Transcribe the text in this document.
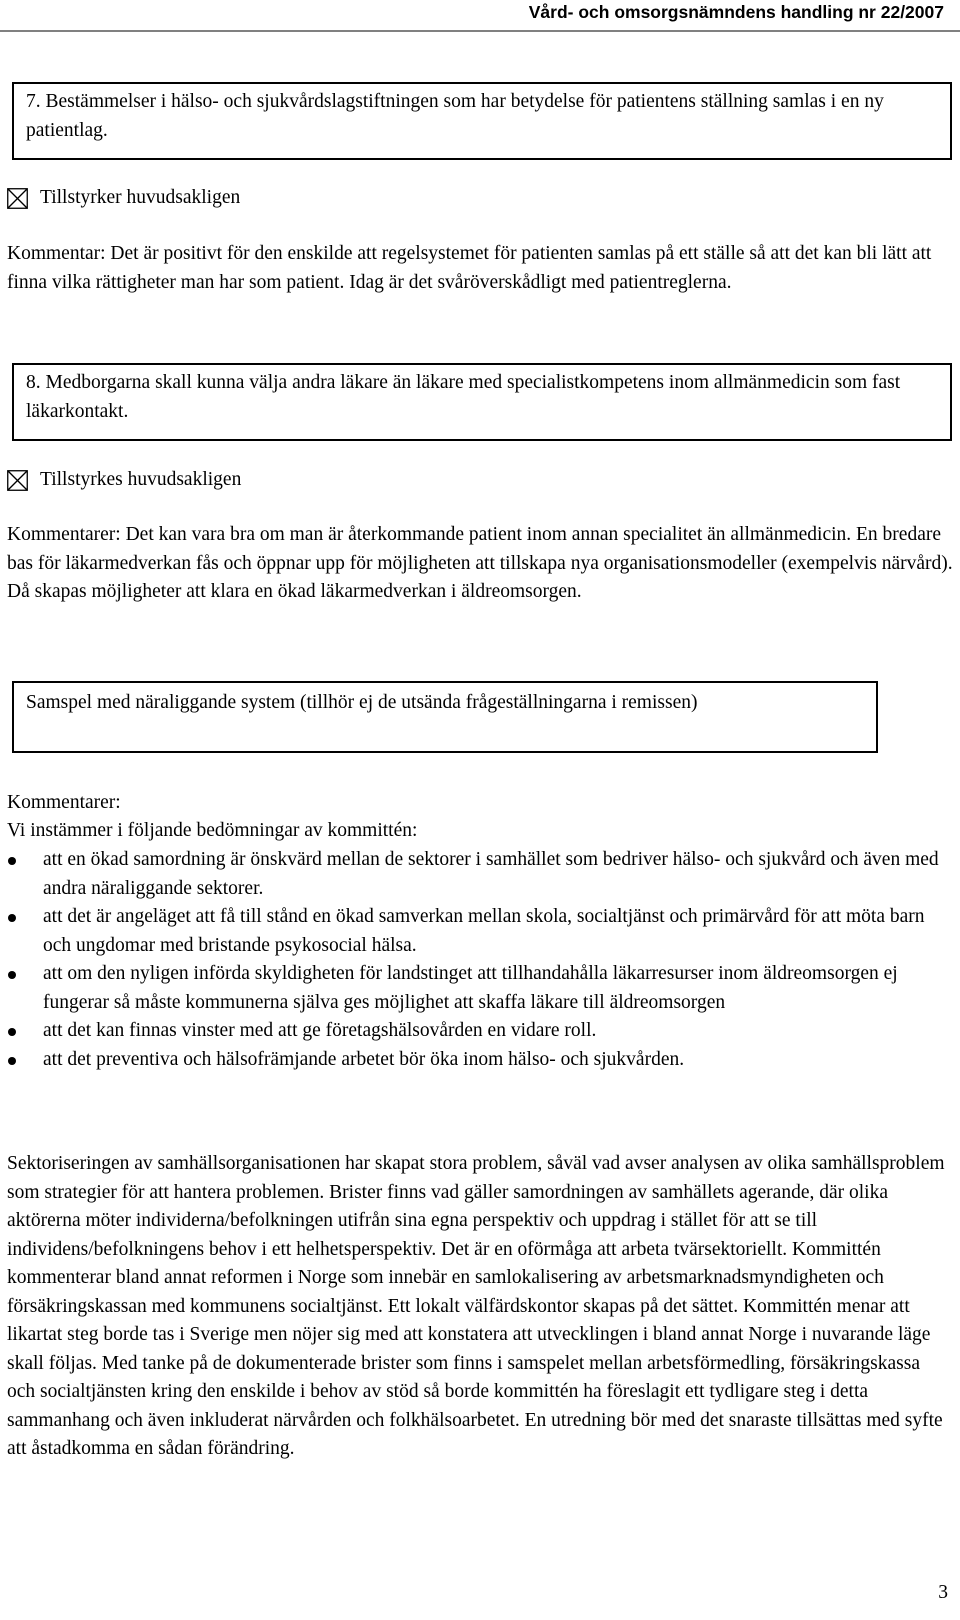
Vård- och omsorgsnämndens handling nr 22/2007
7. Bestämmelser i hälso- och sjukvårdslagstiftningen som har betydelse för patientens ställning samlas i en ny patientlag.
Tillstyrker huvudsakligen
Kommentar: Det är positivt för den enskilde att regelsystemet för patienten samlas på ett ställe så att det kan bli lätt att finna vilka rättigheter man har som patient. Idag är det svåröverskådligt med patientreglerna.
8. Medborgarna skall kunna välja andra läkare än läkare med specialistkompetens inom allmänmedicin som fast läkarkontakt.
Tillstyrkes huvudsakligen
Kommentarer: Det kan vara bra om man är återkommande patient inom annan specialitet än allmänmedicin. En bredare bas för läkarmedverkan fås och öppnar upp för möjligheten att tillskapa nya organisationsmodeller (exempelvis närvård). Då skapas möjligheter att klara en ökad läkarmedverkan i äldreomsorgen.
Samspel med näraliggande system (tillhör ej de utsända frågeställningarna i remissen)
Kommentarer:
Vi instämmer i följande bedömningar av kommittén:
att en ökad samordning är önskvärd mellan de sektorer i samhället som bedriver hälso- och sjukvård och även med andra näraliggande sektorer.
att det är angeläget att få till stånd en ökad samverkan mellan skola, socialtjänst och primärvård för att möta barn och ungdomar med bristande psykosocial hälsa.
att om den nyligen införda skyldigheten för landstinget att tillhandahålla läkarresurser inom äldreomsorgen ej fungerar så måste kommunerna själva ges möjlighet att skaffa läkare till äldreomsorgen
att det kan finnas vinster med att ge företagshälsovården en vidare roll.
att det preventiva och hälsofrämjande arbetet bör öka inom hälso- och sjukvården.
Sektoriseringen av samhällsorganisationen har skapat stora problem, såväl vad avser analysen av olika samhällsproblem som strategier för att hantera problemen. Brister finns vad gäller samordningen av samhällets agerande, där olika aktörerna möter individerna/befolkningen utifrån sina egna perspektiv och uppdrag i stället för att se till individens/befolkningens behov i ett helhetsperspektiv. Det är en oförmåga att arbeta tvärsektoriellt. Kommittén kommenterar bland annat reformen i Norge som innebär en samlokalisering av arbetsmarknadsmyndigheten och försäkringskassan med kommunens socialtjänst. Ett lokalt välfärdskontor skapas på det sättet. Kommittén menar att likartat steg borde tas i Sverige men nöjer sig med att konstatera att utvecklingen i bland annat Norge i nuvarande läge skall följas. Med tanke på de dokumenterade brister som finns i samspelet mellan arbetsförmedling, försäkringskassa och socialtjänsten kring den enskilde i behov av stöd så borde kommittén ha föreslagit ett tydligare steg i detta sammanhang och även inkluderat närvården och folkhälsoarbetet. En utredning bör med det snaraste tillsättas med syfte att åstadkomma en sådan förändring.
3
